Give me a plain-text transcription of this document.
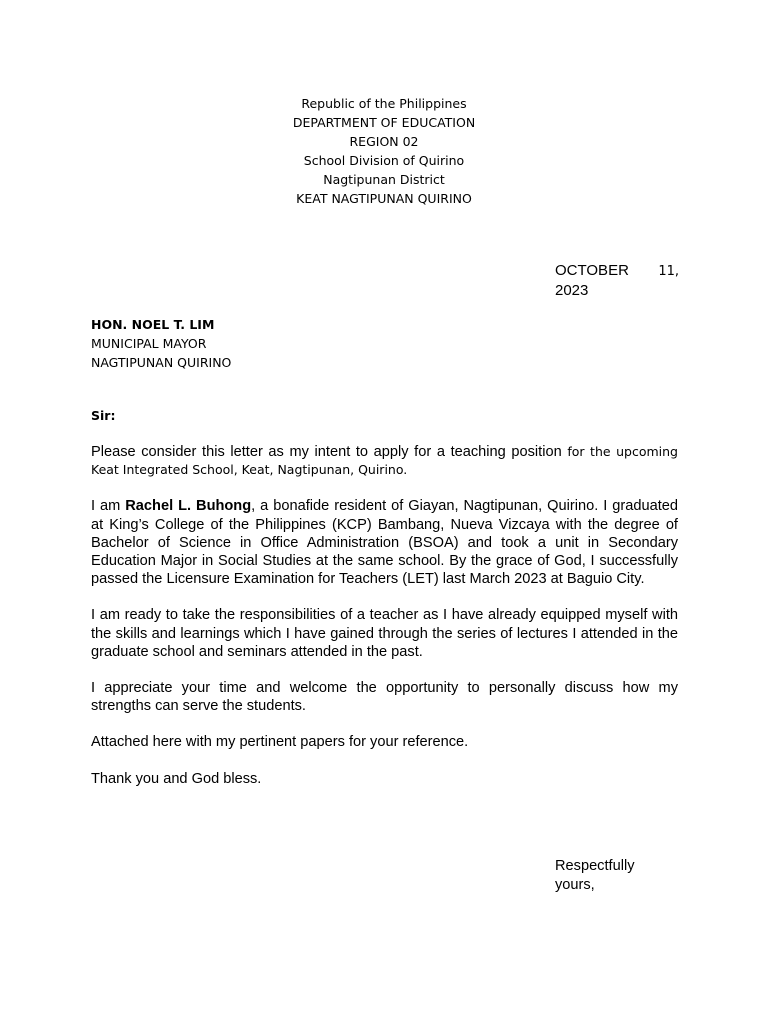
Republic of the Philippines
DEPARTMENT OF EDUCATION
REGION 02
School Division of Quirino
Nagtipunan District
KEAT NAGTIPUNAN QUIRINO
OCTOBER 11,
2023
HON. NOEL T. LIM
MUNICIPAL MAYOR
NAGTIPUNAN QUIRINO
Sir:

Please consider this letter as my intent to apply for a teaching position for the upcoming Keat Integrated School, Keat, Nagtipunan, Quirino.

I am Rachel L. Buhong, a bonafide resident of Giayan, Nagtipunan, Quirino. I graduated at King’s College of the Philippines (KCP) Bambang, Nueva Vizcaya with the degree of Bachelor of Science in Office Administration (BSOA) and took a unit in Secondary Education Major in Social Studies at the same school. By the grace of God, I successfully passed the Licensure Examination for Teachers (LET) last March 2023 at Baguio City.

I am ready to take the responsibilities of a teacher as I have already equipped myself with the skills and learnings which I have gained through the series of lectures I attended in the graduate school and seminars attended in the past.

I appreciate your time and welcome the opportunity to personally discuss how my strengths can serve the students.

Attached here with my pertinent papers for your reference.

Thank you and God bless.

Respectfully
yours,
